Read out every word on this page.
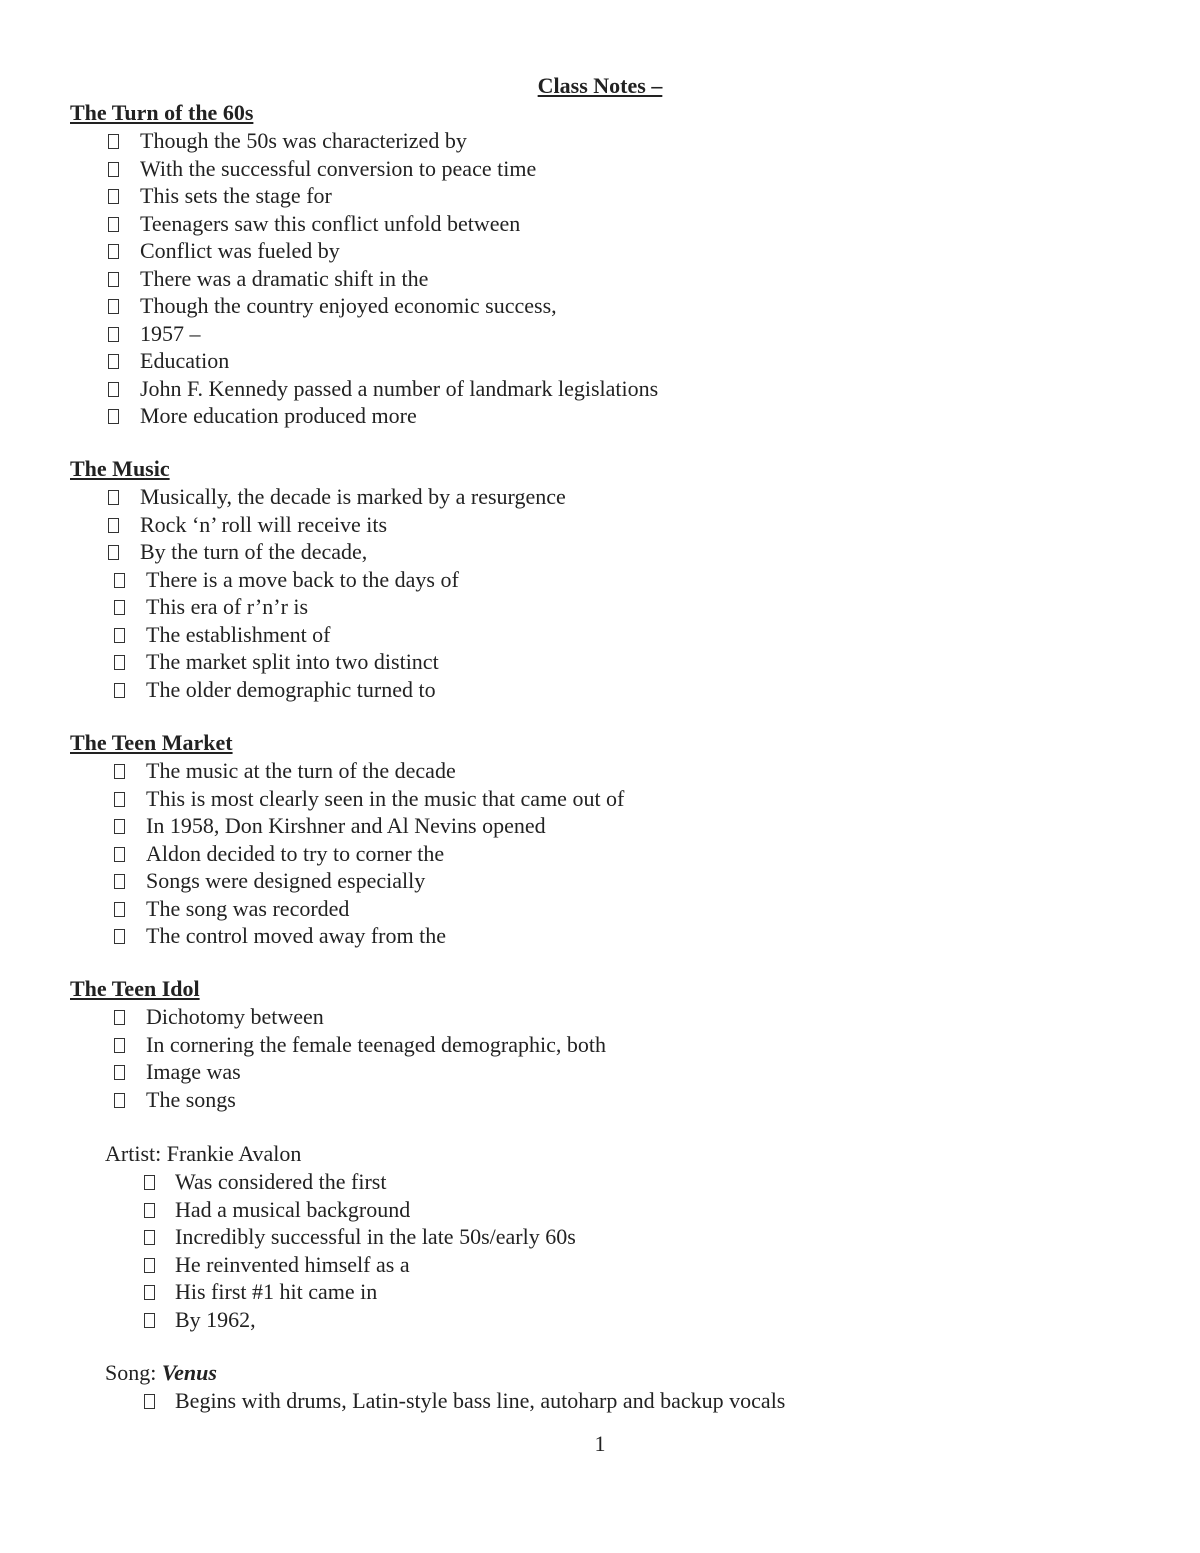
Class Notes –
The Turn of the 60s
Though the 50s was characterized by
With the successful conversion to peace time
This sets the stage for
Teenagers saw this conflict unfold between
Conflict was fueled by
There was a dramatic shift in the
Though the country enjoyed economic success,
1957 –
Education
John F. Kennedy passed a number of landmark legislations
More education produced more
The Music
Musically, the decade is marked by a resurgence
Rock ‘n’ roll will receive its
By the turn of the decade,
There is a move back to the days of
This era of r’n’r is
The establishment of
The market split into two distinct
The older demographic turned to
The Teen Market
The music at the turn of the decade
This is most clearly seen in the music that came out of
In 1958, Don Kirshner and Al Nevins opened
Aldon decided to try to corner the
Songs were designed especially
The song was recorded
The control moved away from the
The Teen Idol
Dichotomy between
In cornering the female teenaged demographic, both
Image was
The songs
Artist: Frankie Avalon
Was considered the first
Had a musical background
Incredibly successful in the late 50s/early 60s
He reinvented himself as a
His first #1 hit came in
By 1962,
Song: Venus
Begins with drums, Latin-style bass line, autoharp and backup vocals
1
